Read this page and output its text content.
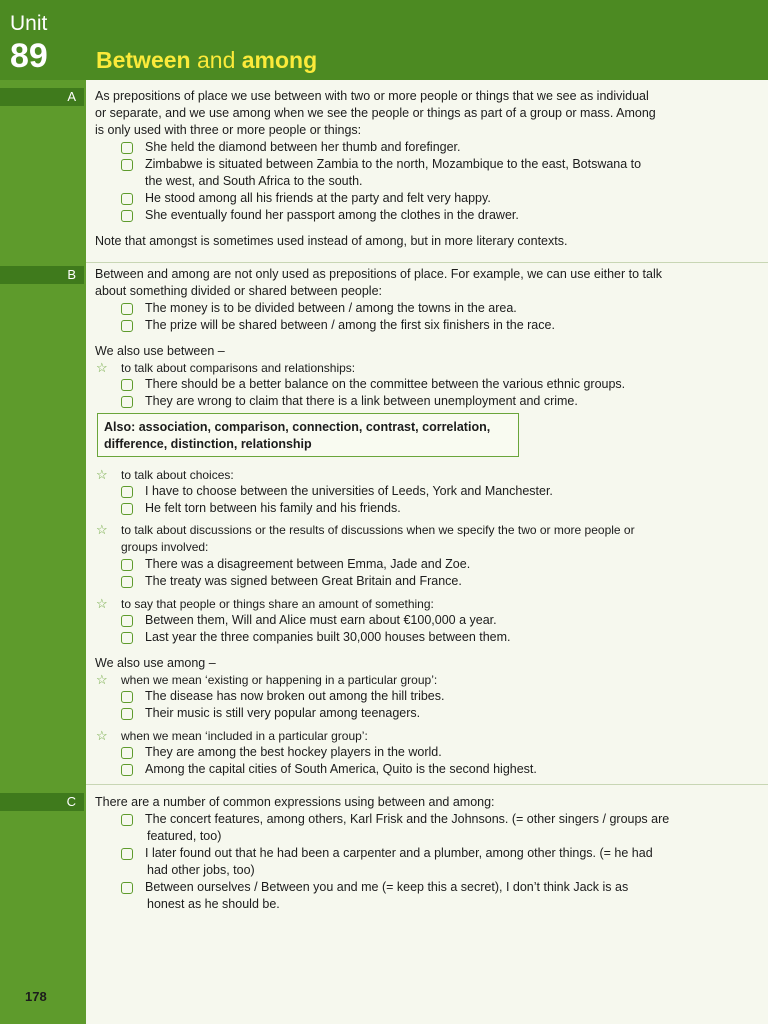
Unit
89 Between and among
A
B
C
As prepositions of place we use between with two or more people or things that we see as individual
or separate, and we use among when we see the people or things as part of a group or mass. Among
is only used with three or more people or things:
She held the diamond between her thumb and forefinger.
Zimbabwe is situated between Zambia to the north, Mozambique to the east, Botswana to
the west, and South Africa to the south.
He stood among all his friends at the party and felt very happy.
She eventually found her passport among the clothes in the drawer.
Note that amongst is sometimes used instead of among, but in more literary contexts.
Between and among are not only used as prepositions of place. For example, we can use either to talk
about something divided or shared between people:
The money is to be divided between / among the towns in the area.
The prize will be shared between / among the first six finishers in the race.
We also use between –
☆ to talk about comparisons and relationships:
There should be a better balance on the committee between the various ethnic groups.
They are wrong to claim that there is a link between unemployment and crime.
Also: association, comparison, connection, contrast, correlation,
difference, distinction, relationship
☆ to talk about choices:
I have to choose between the universities of Leeds, York and Manchester.
He felt torn between his family and his friends.
☆ to talk about discussions or the results of discussions when we specify the two or more people or
groups involved:
There was a disagreement between Emma, Jade and Zoe.
The treaty was signed between Great Britain and France.
☆ to say that people or things share an amount of something:
Between them, Will and Alice must earn about €100,000 a year.
Last year the three companies built 30,000 houses between them.
We also use among –
☆ when we mean ‘existing or happening in a particular group’:
The disease has now broken out among the hill tribes.
Their music is still very popular among teenagers.
☆ when we mean ‘included in a particular group’:
They are among the best hockey players in the world.
Among the capital cities of South America, Quito is the second highest.
There are a number of common expressions using between and among:
The concert features, among others, Karl Frisk and the Johnsons. (= other singers / groups are
featured, too)
I later found out that he had been a carpenter and a plumber, among other things. (= he had
had other jobs, too)
Between ourselves / Between you and me (= keep this a secret), I don’t think Jack is as
honest as he should be.
178
